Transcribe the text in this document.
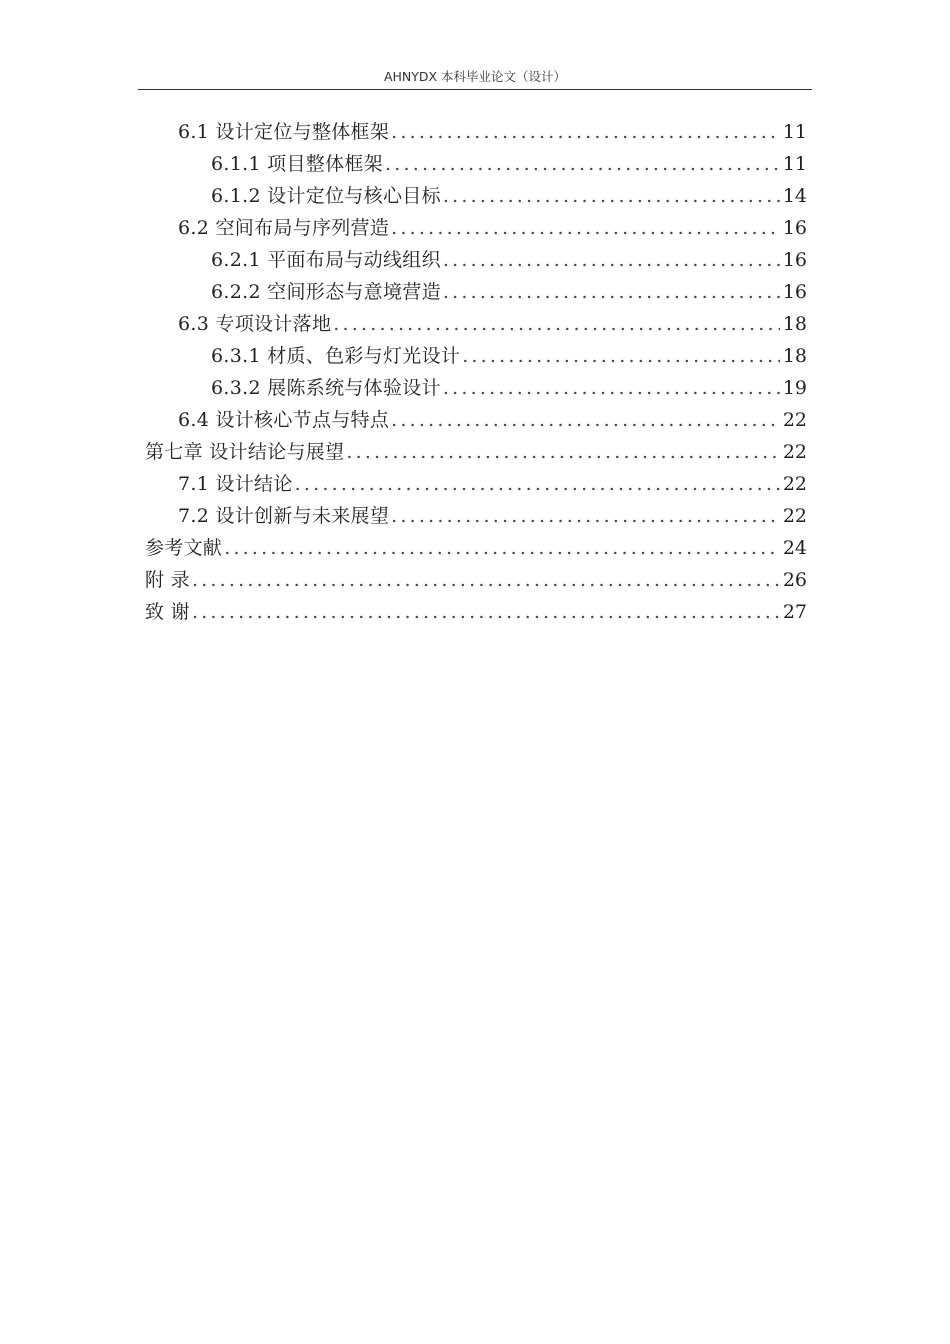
AHNYDX 本科毕业论文（设计）
6.1 设计定位与整体框架 .....	11
6.1.1 项目整体框架 .....	11
6.1.2 设计定位与核心目标 .....	14
6.2 空间布局与序列营造 .....	16
6.2.1 平面布局与动线组织 .....	16
6.2.2 空间形态与意境营造 .....	16
6.3 专项设计落地 .....	18
6.3.1 材质、色彩与灯光设计 .....	18
6.3.2 展陈系统与体验设计 .....	19
6.4 设计核心节点与特点 .....	22
第七章 设计结论与展望 .....	22
7.1 设计结论 .....	22
7.2 设计创新与未来展望 .....	22
参考文献 .....	24
附 录 .....	26
致 谢 .....	27
